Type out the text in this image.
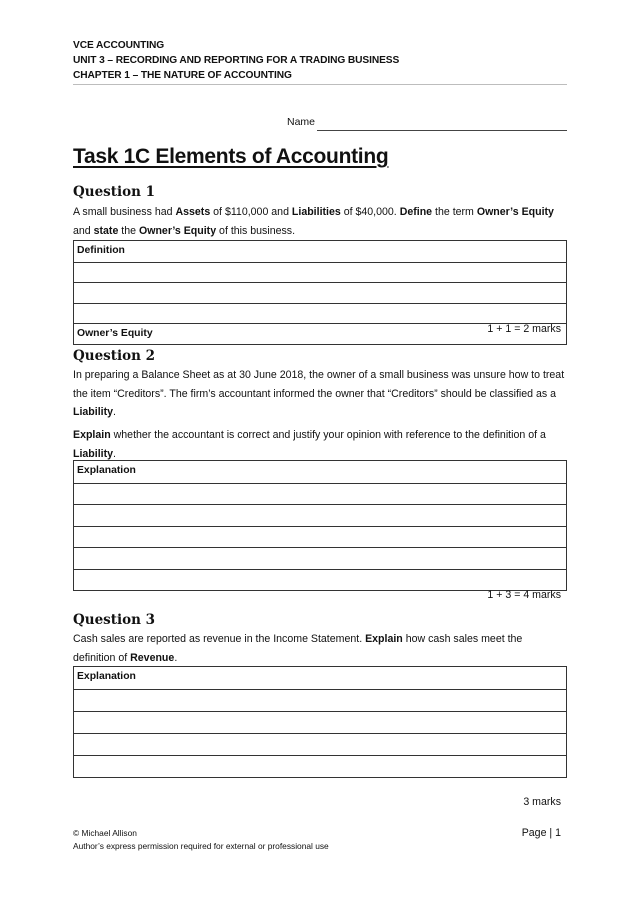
VCE ACCOUNTING
UNIT 3 – RECORDING AND REPORTING FOR A TRADING BUSINESS
CHAPTER 1 – THE NATURE OF ACCOUNTING
Name
Task 1C Elements of Accounting
Question 1
A small business had Assets of $110,000 and Liabilities of $40,000. Define the term Owner’s Equity and state the Owner’s Equity of this business.
Definition
Owner’s Equity	1 + 1 = 2 marks
Question 2
In preparing a Balance Sheet as at 30 June 2018, the owner of a small business was unsure how to treat the item “Creditors”. The firm’s accountant informed the owner that “Creditors” should be classified as a Liability.
Explain whether the accountant is correct and justify your opinion with reference to the definition of a Liability.
Explanation
1 + 3 = 4 marks
Question 3
Cash sales are reported as revenue in the Income Statement. Explain how cash sales meet the definition of Revenue.
Explanation
3 marks
© Michael Allison
Author’s express permission required for external or professional use
Page | 1
